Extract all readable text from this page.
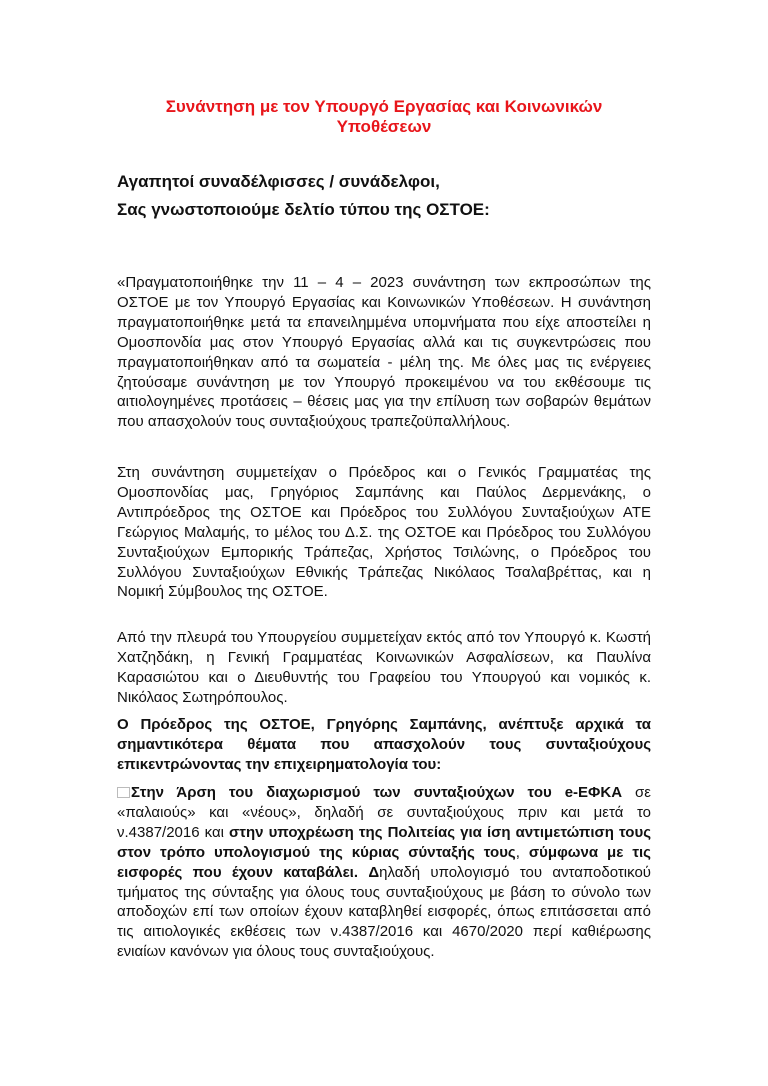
Συνάντηση με τον Υπουργό Εργασίας και Κοινωνικών Υποθέσεων
Αγαπητοί συναδέλφισσες / συνάδελφοι,
Σας γνωστοποιούμε δελτίο τύπου της ΟΣΤΟΕ:

«Πραγματοποιήθηκε την 11 – 4 – 2023 συνάντηση των εκπροσώπων της ΟΣΤΟΕ με τον Υπουργό Εργασίας και Κοινωνικών Υποθέσεων. Η συνάντηση πραγματοποιήθηκε μετά τα επανειλημμένα υπομνήματα που είχε αποστείλει η Ομοσπονδία μας στον Υπουργό Εργασίας αλλά και τις συγκεντρώσεις που πραγματοποιήθηκαν από τα σωματεία - μέλη της. Με όλες μας τις ενέργειες ζητούσαμε συνάντηση με τον Υπουργό προκειμένου να του εκθέσουμε τις αιτιολογημένες προτάσεις – θέσεις μας για την επίλυση των σοβαρών θεμάτων που απασχολούν τους συνταξιούχους τραπεζοϋπαλλήλους.

Στη συνάντηση συμμετείχαν ο Πρόεδρος και ο Γενικός Γραμματέας της Ομοσπονδίας μας, Γρηγόριος Σαμπάνης και Παύλος Δερμενάκης, ο Αντιπρόεδρος της ΟΣΤΟΕ και Πρόεδρος του Συλλόγου Συνταξιούχων ΑΤΕ Γεώργιος Μαλαμής, το μέλος του Δ.Σ. της ΟΣΤΟΕ και Πρόεδρος του Συλλόγου Συνταξιούχων Εμπορικής Τράπεζας, Χρήστος Τσιλώνης, ο Πρόεδρος του Συλλόγου Συνταξιούχων Εθνικής Τράπεζας Νικόλαος Τσαλαβρέττας, και η Νομική Σύμβουλος της ΟΣΤΟΕ.

Από την πλευρά του Υπουργείου συμμετείχαν εκτός από τον Υπουργό κ. Κωστή Χατζηδάκη, η Γενική Γραμματέας Κοινωνικών Ασφαλίσεων, κα Παυλίνα Καρασιώτου και ο Διευθυντής του Γραφείου του Υπουργού και νομικός κ. Νικόλαος Σωτηρόπουλος.

Ο Πρόεδρος της ΟΣΤΟΕ, Γρηγόρης Σαμπάνης, ανέπτυξε αρχικά τα σημαντικότερα θέματα που απασχολούν τους συνταξιούχους επικεντρώνοντας την επιχειρηματολογία του:

Στην Άρση του διαχωρισμού των συνταξιούχων του e-ΕΦΚΑ σε «παλαιούς» και «νέους», δηλαδή σε συνταξιούχους πριν και μετά το ν.4387/2016 και στην υποχρέωση της Πολιτείας για ίση αντιμετώπιση τους στον τρόπο υπολογισμού της κύριας σύνταξής τους, σύμφωνα με τις εισφορές που έχουν καταβάλει. Δηλαδή υπολογισμό του ανταποδοτικού τμήματος της σύνταξης για όλους τους συνταξιούχους με βάση το σύνολο των αποδοχών επί των οποίων έχουν καταβληθεί εισφορές, όπως επιτάσσεται από τις αιτιολογικές εκθέσεις των ν.4387/2016 και 4670/2020 περί καθιέρωσης ενιαίων κανόνων για όλους τους συνταξιούχους.
